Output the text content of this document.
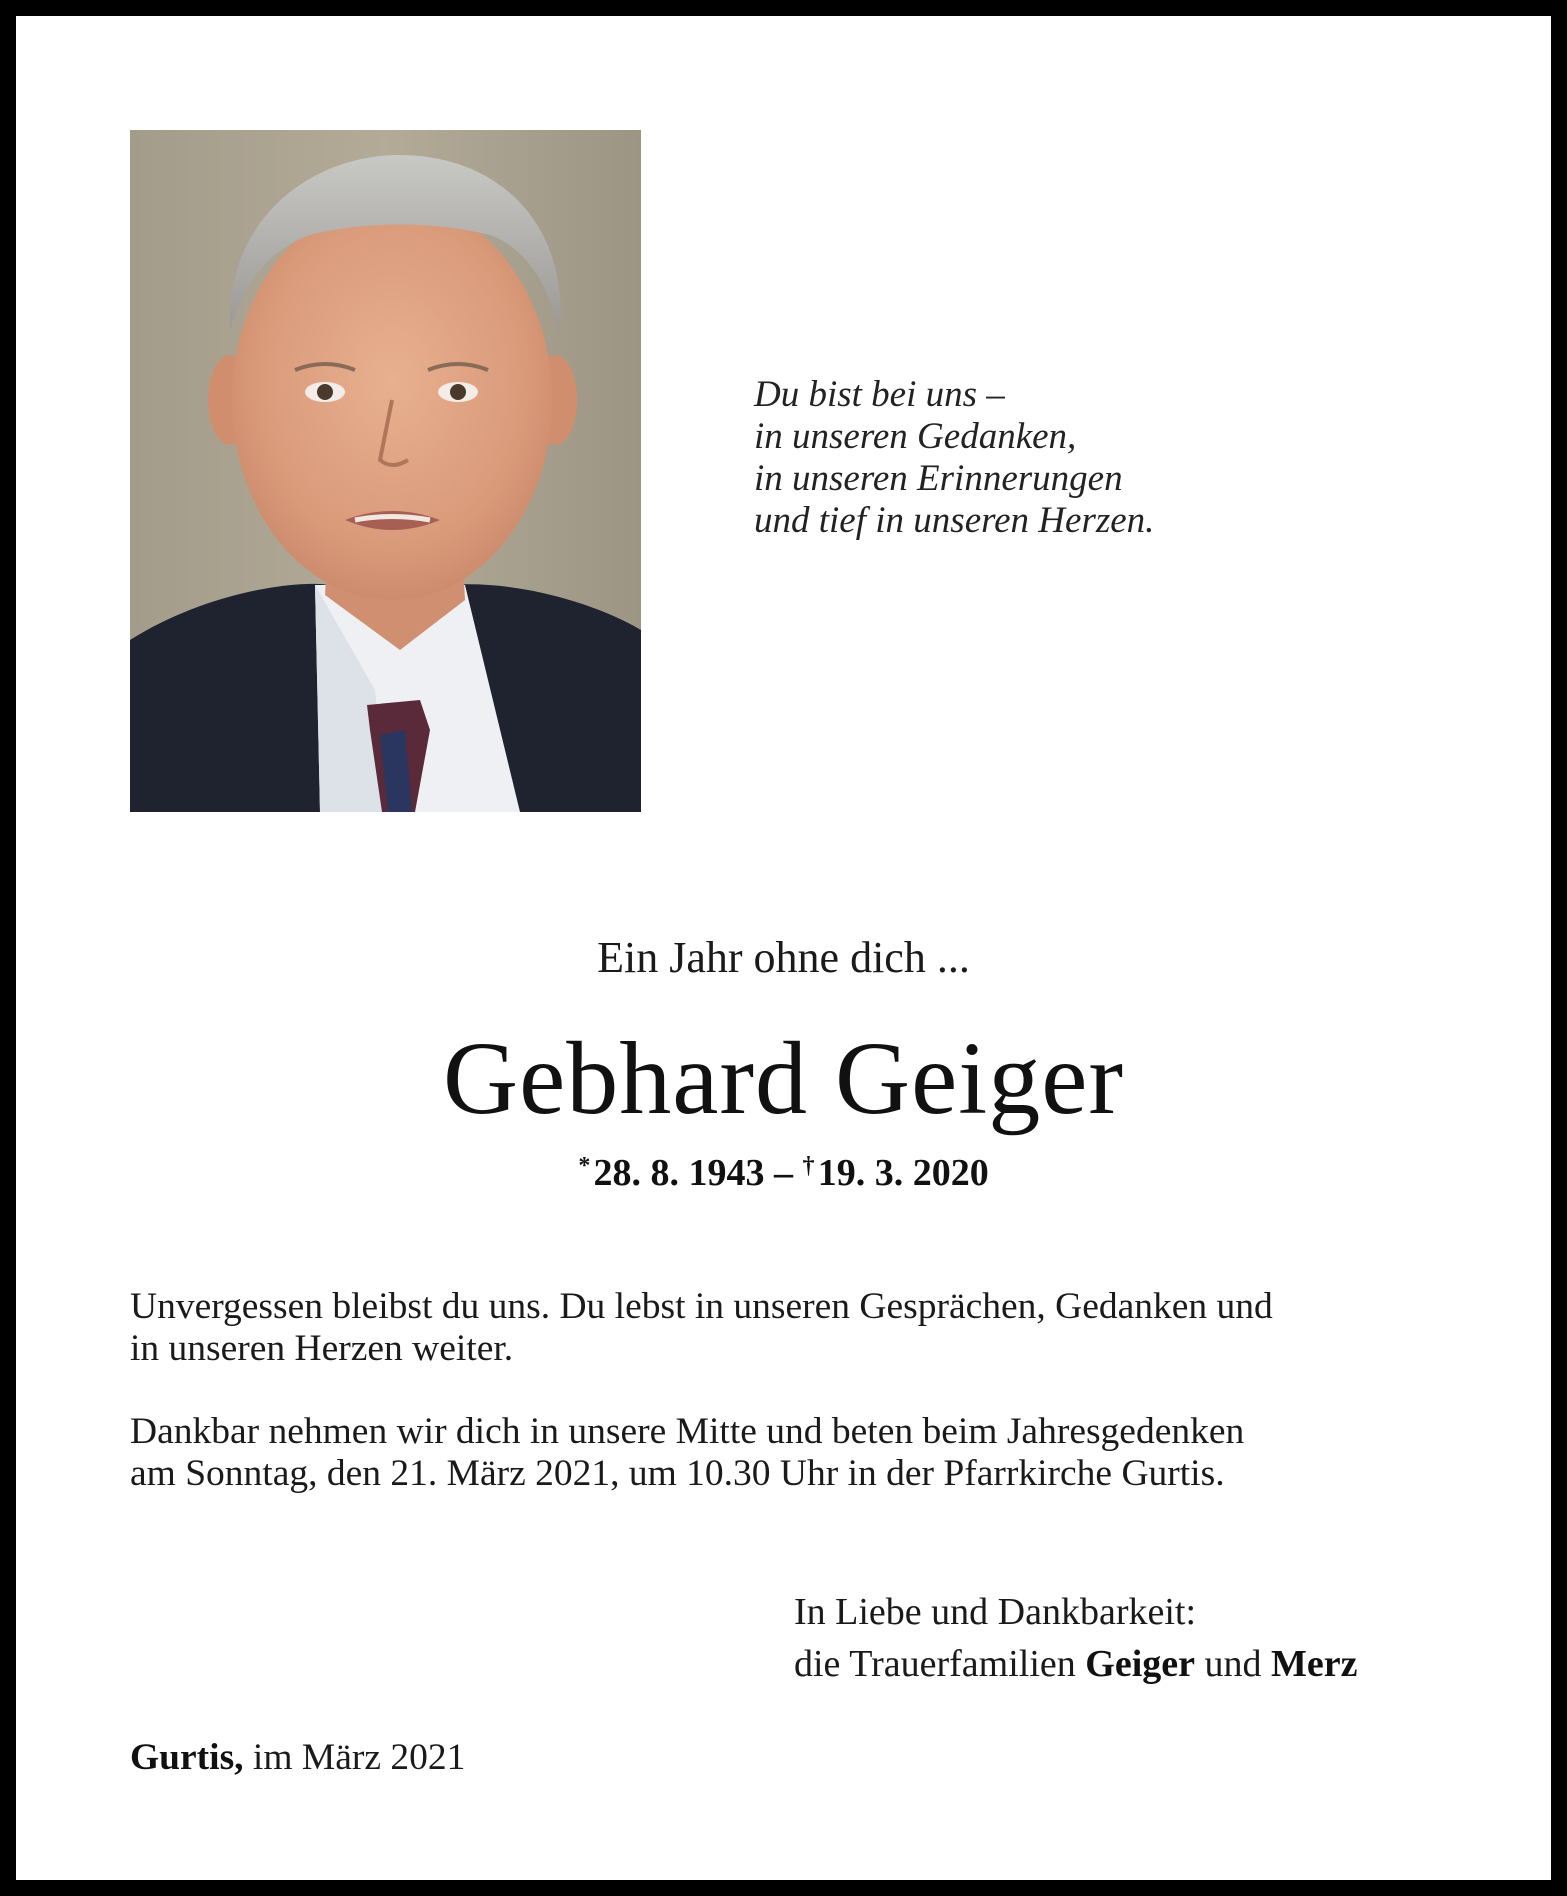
Du bist bei uns –
in unseren Gedanken,
in unseren Erinnerungen
und tief in unseren Herzen.
Ein Jahr ohne dich ...
Gebhard Geiger
* 28. 8. 1943 – † 19. 3. 2020
Unvergessen bleibst du uns. Du lebst in unseren Gesprächen, Gedanken und
in unseren Herzen weiter.
Dankbar nehmen wir dich in unsere Mitte und beten beim Jahresgedenken
am Sonntag, den 21. März 2021, um 10.30 Uhr in der Pfarrkirche Gurtis.
In Liebe und Dankbarkeit:
die Trauerfamilien Geiger und Merz
Gurtis, im März 2021
